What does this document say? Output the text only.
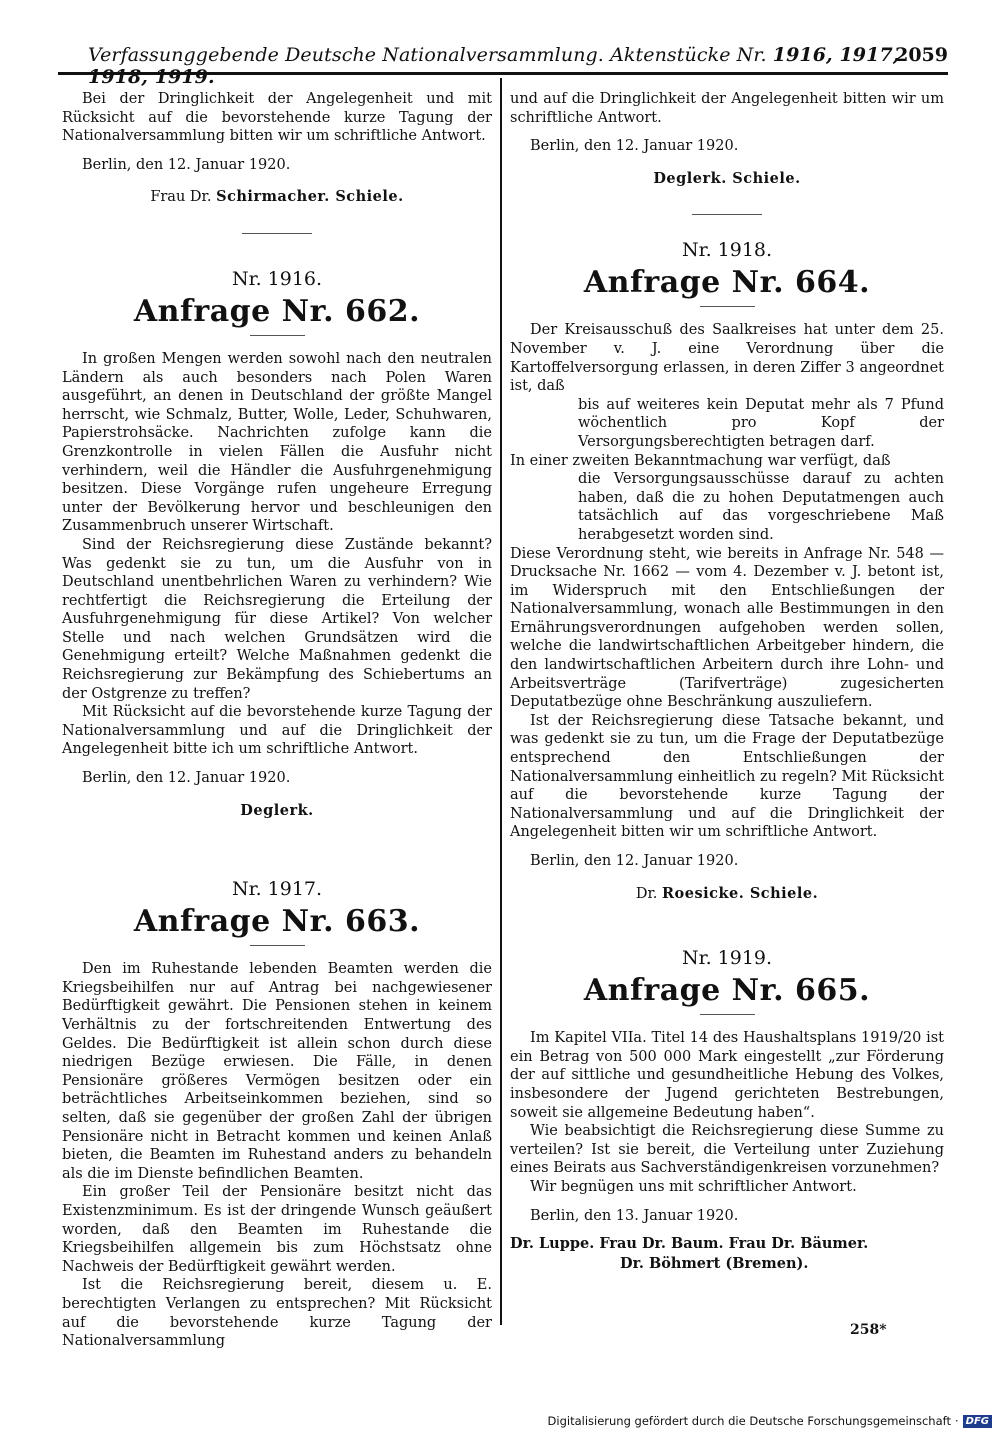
Verfassunggebende Deutsche Nationalversammlung. Aktenstücke Nr. 1916, 1917, 1918, 1919.
2059

Bei der Dringlichkeit der Angelegenheit und mit Rücksicht auf die bevorstehende kurze Tagung der Nationalversammlung bitten wir um schriftliche Antwort.

Berlin, den 12. Januar 1920.
Frau Dr. Schirmacher. Schiele.
Nr. 1916.
Anfrage Nr. 662.

In großen Mengen werden sowohl nach den neutralen Ländern als auch besonders nach Polen Waren ausgeführt, an denen in Deutschland der größte Mangel herrscht, wie Schmalz, Butter, Wolle, Leder, Schuhwaren, Papierstrohsäcke. Nachrichten zufolge kann die Grenzkontrolle in vielen Fällen die Ausfuhr nicht verhindern, weil die Händler die Ausfuhrgenehmigung besitzen. Diese Vorgänge rufen ungeheure Erregung unter der Bevölkerung hervor und beschleunigen den Zusammenbruch unserer Wirtschaft.

Sind der Reichsregierung diese Zustände bekannt? Was gedenkt sie zu tun, um die Ausfuhr von in Deutschland unentbehrlichen Waren zu verhindern? Wie rechtfertigt die Reichsregierung die Erteilung der Ausfuhrgenehmigung für diese Artikel? Von welcher Stelle und nach welchen Grundsätzen wird die Genehmigung erteilt? Welche Maßnahmen gedenkt die Reichsregierung zur Bekämpfung des Schiebertums an der Ostgrenze zu treffen?

Mit Rücksicht auf die bevorstehende kurze Tagung der Nationalversammlung und auf die Dringlichkeit der Angelegenheit bitte ich um schriftliche Antwort.

Berlin, den 12. Januar 1920.
Deglerk.
Nr. 1917.
Anfrage Nr. 663.

Den im Ruhestande lebenden Beamten werden die Kriegsbeihilfen nur auf Antrag bei nachgewiesener Bedürftigkeit gewährt. Die Pensionen stehen in keinem Verhältnis zu der fortschreitenden Entwertung des Geldes. Die Bedürftigkeit ist allein schon durch diese niedrigen Bezüge erwiesen. Die Fälle, in denen Pensionäre größeres Vermögen besitzen oder ein beträchtliches Arbeitseinkommen beziehen, sind so selten, daß sie gegenüber der großen Zahl der übrigen Pensionäre nicht in Betracht kommen und keinen Anlaß bieten, die Beamten im Ruhestand anders zu behandeln als die im Dienste befindlichen Beamten.

Ein großer Teil der Pensionäre besitzt nicht das Existenzminimum. Es ist der dringende Wunsch geäußert worden, daß den Beamten im Ruhestande die Kriegsbeihilfen allgemein bis zum Höchstsatz ohne Nachweis der Bedürftigkeit gewährt werden.

Ist die Reichsregierung bereit, diesem u. E. berechtigten Verlangen zu entsprechen? Mit Rücksicht auf die bevorstehende kurze Tagung der Nationalversammlung

und auf die Dringlichkeit der Angelegenheit bitten wir um schriftliche Antwort.

Berlin, den 12. Januar 1920.
Deglerk. Schiele.
Nr. 1918.
Anfrage Nr. 664.

Der Kreisausschuß des Saalkreises hat unter dem 25. November v. J. eine Verordnung über die Kartoffelversorgung erlassen, in deren Ziffer 3 angeordnet ist, daß

bis auf weiteres kein Deputat mehr als 7 Pfund wöchentlich pro Kopf der Versorgungsberechtigten betragen darf.

In einer zweiten Bekanntmachung war verfügt, daß

die Versorgungsausschüsse darauf zu achten haben, daß die zu hohen Deputatmengen auch tatsächlich auf das vorgeschriebene Maß herabgesetzt worden sind.

Diese Verordnung steht, wie bereits in Anfrage Nr. 548 — Drucksache Nr. 1662 — vom 4. Dezember v. J. betont ist, im Widerspruch mit den Entschließungen der Nationalversammlung, wonach alle Bestimmungen in den Ernährungsverordnungen aufgehoben werden sollen, welche die landwirtschaftlichen Arbeitgeber hindern, die den landwirtschaftlichen Arbeitern durch ihre Lohn- und Arbeitsverträge (Tarifverträge) zugesicherten Deputatbezüge ohne Beschränkung auszuliefern.

Ist der Reichsregierung diese Tatsache bekannt, und was gedenkt sie zu tun, um die Frage der Deputatbezüge entsprechend den Entschließungen der Nationalversammlung einheitlich zu regeln? Mit Rücksicht auf die bevorstehende kurze Tagung der Nationalversammlung und auf die Dringlichkeit der Angelegenheit bitten wir um schriftliche Antwort.

Berlin, den 12. Januar 1920.
Dr. Roesicke. Schiele.
Nr. 1919.
Anfrage Nr. 665.

Im Kapitel VIIa. Titel 14 des Haushaltsplans 1919/20 ist ein Betrag von 500 000 Mark eingestellt „zur Förderung der auf sittliche und gesundheitliche Hebung des Volkes, insbesondere der Jugend gerichteten Bestrebungen, soweit sie allgemeine Bedeutung haben“.

Wie beabsichtigt die Reichsregierung diese Summe zu verteilen? Ist sie bereit, die Verteilung unter Zuziehung eines Beirats aus Sachverständigenkreisen vorzunehmen?

Wir begnügen uns mit schriftlicher Antwort.

Berlin, den 13. Januar 1920.
Dr. Luppe. Frau Dr. Baum. Frau Dr. Bäumer.
Dr. Böhmert (Bremen).
258*
Digitalisierung gefördert durch die Deutsche Forschungsgemeinschaft · DFG
